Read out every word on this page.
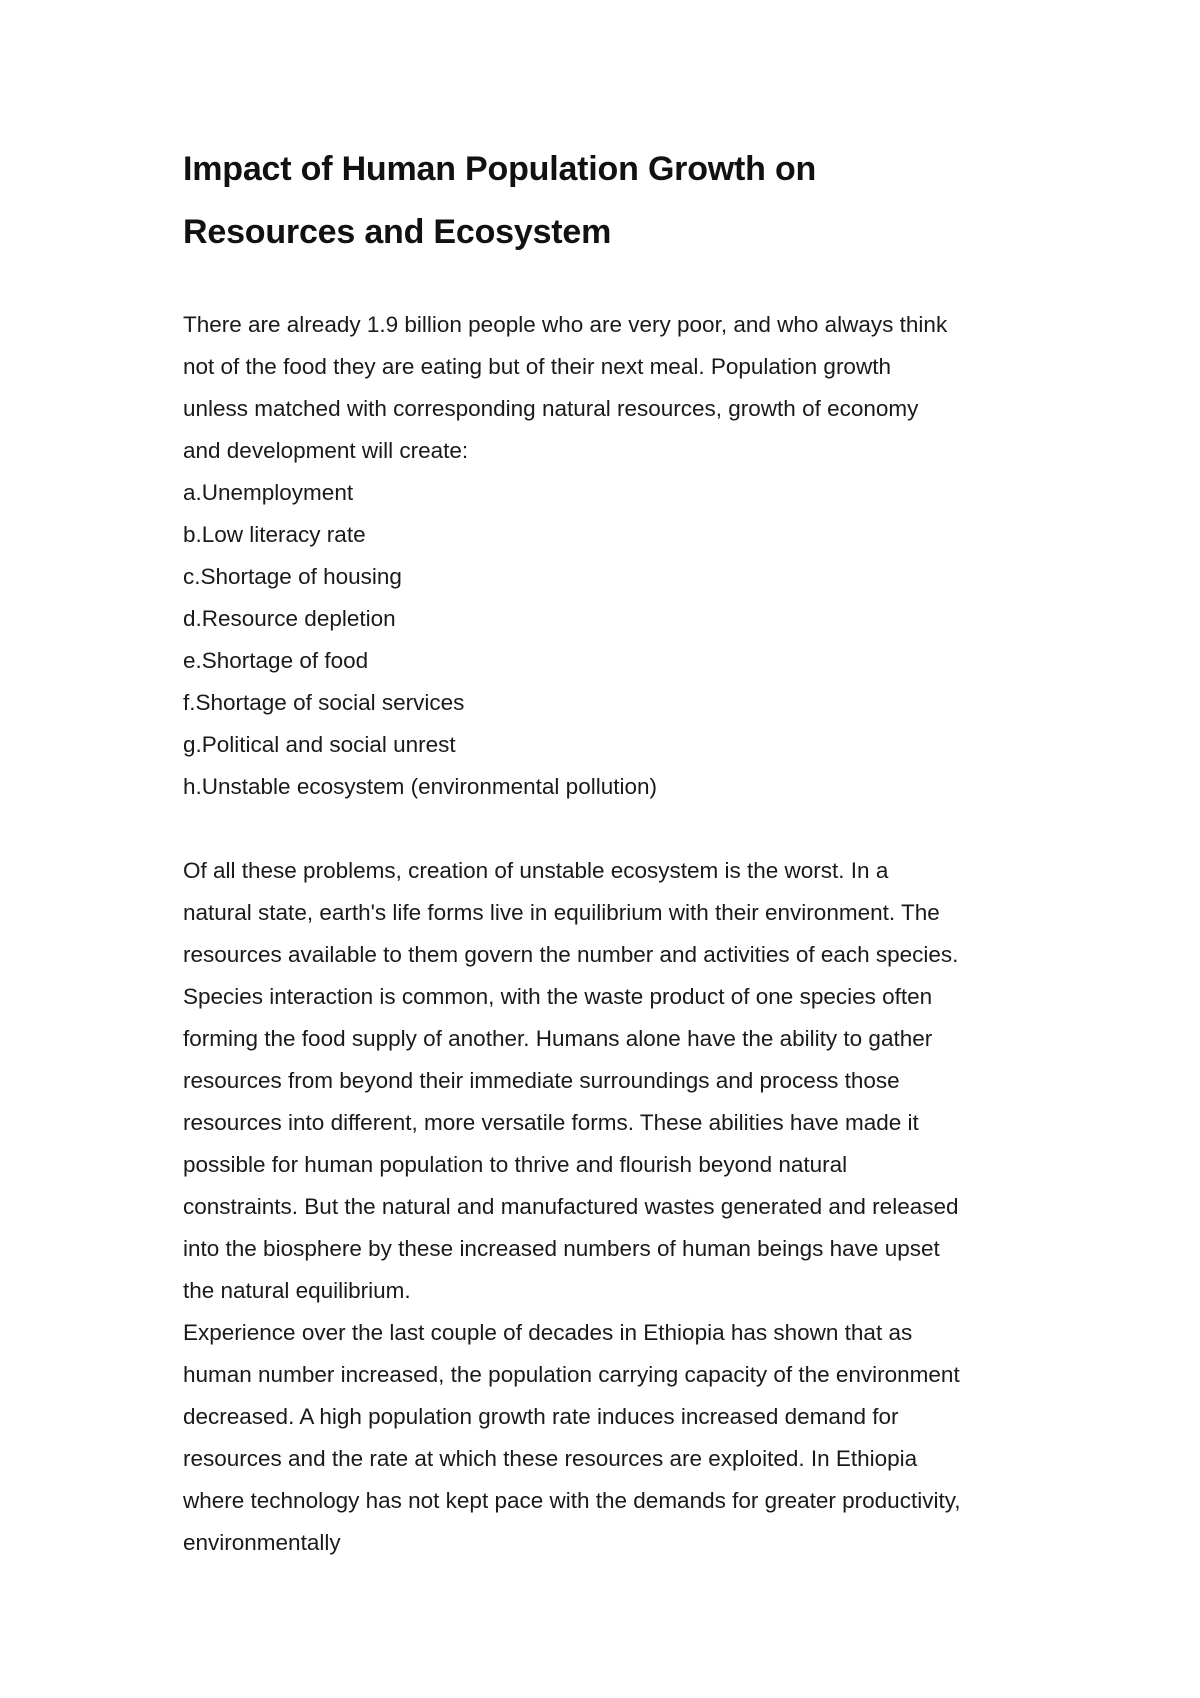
Impact of Human Population Growth on
Resources and Ecosystem
There are already 1.9 billion people who are very poor, and who always think
not of the food they are eating but of their next meal. Population growth
unless matched with corresponding natural resources, growth of economy
and development will create:
a.Unemployment
b.Low literacy rate
c.Shortage of housing
d.Resource depletion
e.Shortage of food
f.Shortage of social services
g.Political and social unrest
h.Unstable ecosystem (environmental pollution)
Of all these problems, creation of unstable ecosystem is the worst. In a
natural state, earth's life forms live in equilibrium with their environment. The
resources available to them govern the number and activities of each species.
Species interaction is common, with the waste product of one species often
forming the food supply of another. Humans alone have the ability to gather
resources from beyond their immediate surroundings and process those
resources into different, more versatile forms. These abilities have made it
possible for human population to thrive and flourish beyond natural
constraints. But the natural and manufactured wastes generated and released
into the biosphere by these increased numbers of human beings have upset
the natural equilibrium.
Experience over the last couple of decades in Ethiopia has shown that as
human number increased, the population carrying capacity of the environment
decreased. A high population growth rate induces increased demand for
resources and the rate at which these resources are exploited. In Ethiopia
where technology has not kept pace with the demands for greater productivity,
environmentally
